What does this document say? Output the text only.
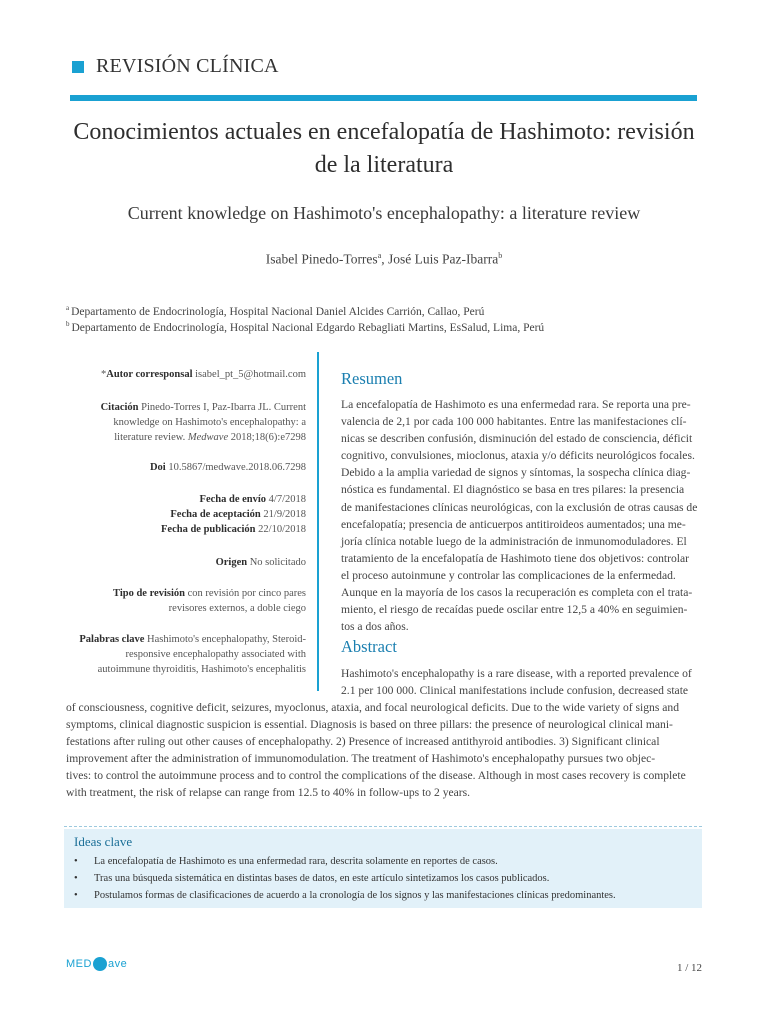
REVISIÓN CLÍNICA
Conocimientos actuales en encefalopatía de Hashimoto: revisión
de la literatura
Current knowledge on Hashimoto's encephalopathy: a literature review
Isabel Pinedo-Torres$^a$, José Luis Paz-Ibarra$^b$
$^a$ Departamento de Endocrinología, Hospital Nacional Daniel Alcides Carrión, Callao, Perú
$^b$ Departamento de Endocrinología, Hospital Nacional Edgardo Rebagliati Martins, EsSalud, Lima, Perú
*Autor corresponsal isabel_pt_5@hotmail.com
Citación Pinedo-Torres I, Paz-Ibarra JL. Current
knowledge on Hashimoto's encephalopathy: a
literature review. Medwave 2018;18(6):e7298
Doi 10.5867/medwave.2018.06.7298
Fecha de envío 4/7/2018
Fecha de aceptación 21/9/2018
Fecha de publicación 22/10/2018
Origen No solicitado
Tipo de revisión con revisión por cinco pares
revisores externos, a doble ciego
Palabras clave Hashimoto's encephalopathy, Steroid-
responsive encephalopathy associated with
autoimmune thyroiditis, Hashimoto's encephalitis
Resumen
La encefalopatía de Hashimoto es una enfermedad rara. Se reporta una pre-
valencia de 2,1 por cada 100 000 habitantes. Entre las manifestaciones clí-
nicas se describen confusión, disminución del estado de consciencia, déficit
cognitivo, convulsiones, mioclonus, ataxia y/o déficits neurológicos focales.
Debido a la amplia variedad de signos y síntomas, la sospecha clínica diag-
nóstica es fundamental. El diagnóstico se basa en tres pilares: la presencia
de manifestaciones clínicas neurológicas, con la exclusión de otras causas de
encefalopatía; presencia de anticuerpos antitiroideos aumentados; una me-
joría clínica notable luego de la administración de inmunomoduladores. El
tratamiento de la encefalopatía de Hashimoto tiene dos objetivos: controlar
el proceso autoinmune y controlar las complicaciones de la enfermedad.
Aunque en la mayoría de los casos la recuperación es completa con el trata-
miento, el riesgo de recaídas puede oscilar entre 12,5 a 40% en seguimien-
tos a dos años.
Abstract
Hashimoto's encephalopathy is a rare disease, with a reported prevalence of
2.1 per 100 000. Clinical manifestations include confusion, decreased state
of consciousness, cognitive deficit, seizures, myoclonus, ataxia, and focal neurological deficits. Due to the wide variety of signs and
symptoms, clinical diagnostic suspicion is essential. Diagnosis is based on three pillars: the presence of neurological clinical mani-
festations after ruling out other causes of encephalopathy. 2) Presence of increased antithyroid antibodies. 3) Significant clinical
improvement after the administration of immunomodulation. The treatment of Hashimoto's encephalopathy pursues two objec-
tives: to control the autoimmune process and to control the complications of the disease. Although in most cases recovery is complete
with treatment, the risk of relapse can range from 12.5 to 40% in follow-ups to 2 years.
Ideas clave
•	La encefalopatía de Hashimoto es una enfermedad rara, descrita solamente en reportes de casos.
•	Tras una búsqueda sistemática en distintas bases de datos, en este artículo sintetizamos los casos publicados.
•	Postulamos formas de clasificaciones de acuerdo a la cronología de los signos y las manifestaciones clínicas predominantes.
MED ave	1 / 12
